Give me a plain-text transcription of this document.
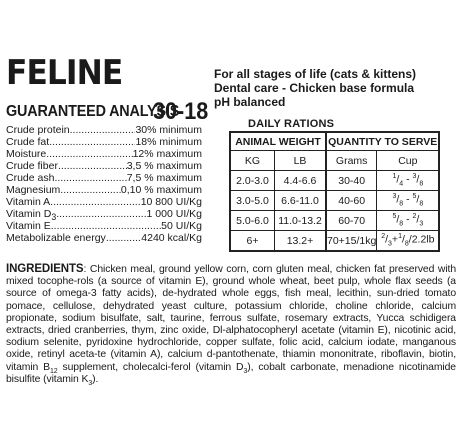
FELINE
GUARANTEED ANALYSIS
30-18
Crude protein .....	30% minimum
Crude fat .....	18% minimum
Moisture .....	12% maximum
Crude fiber .....	3,5 % maximum
Crude ash .....	7,5 % maximum
Magnesium .....	0,10 % maximum
Vitamin A .....	10 800 UI/Kg
Vitamin $D_3$ .....	1 000 UI/Kg
Vitamin E .....	50 UI/Kg
Metabolizable energy .....	4240 kcal/Kg
For all stages of life (cats & kittens)
Dental care - Chicken base formula
pH balanced
DAILY RATIONS
ANIMAL WEIGHT		QUANTITY TO SERVE	
KG	LB	Grams	Cup
2.0-3.0	4.4-6.6	30-40	$^1/_4 - ^3/_8$
3.0-5.0	6.6-11.0	40-60	$^3/_8 - ^5/_8$
5.0-6.0	11.0-13.2	60-70	$^5/_8 - ^2/_3$
6+	13.2+	70+15/1kg	$^2/_3+^1/_8/2.2lb$

INGREDIENTS: Chicken meal, ground yellow corn, corn gluten meal, chicken fat preserved with mixed tocophe-rols (a source of vitamin E), ground whole wheat, beet pulp, whole flax seeds (a source of omega-3 fatty acids), de-hydrated whole eggs, fish meal, lecithin, sun-dried tomato pomace, cellulose, dehydrated yeast culture, potassium chloride, choline chloride, calcium propionate, sodium bisulfate, salt, taurine, ferrous sulfate, rosemary extracts, Yucca schidigera extracts, dried cranberries, thym, zinc oxide, Dl-alphatocopheryl acetate (vitamin E), nicotinic acid, sodium selenite, pyridoxine hydrochloride, copper sulfate, folic acid, calcium iodate, manganous oxide, retinyl aceta-te (vitamin A), calcium d-pantothenate, thiamin mononitrate, riboflavin, biotin, vitamin $B_{12}$ supplement, cholecalci-ferol (vitamin $D_3$), cobalt carbonate, menadione nicotinamide bisulfite (vitamin $K_3$).
